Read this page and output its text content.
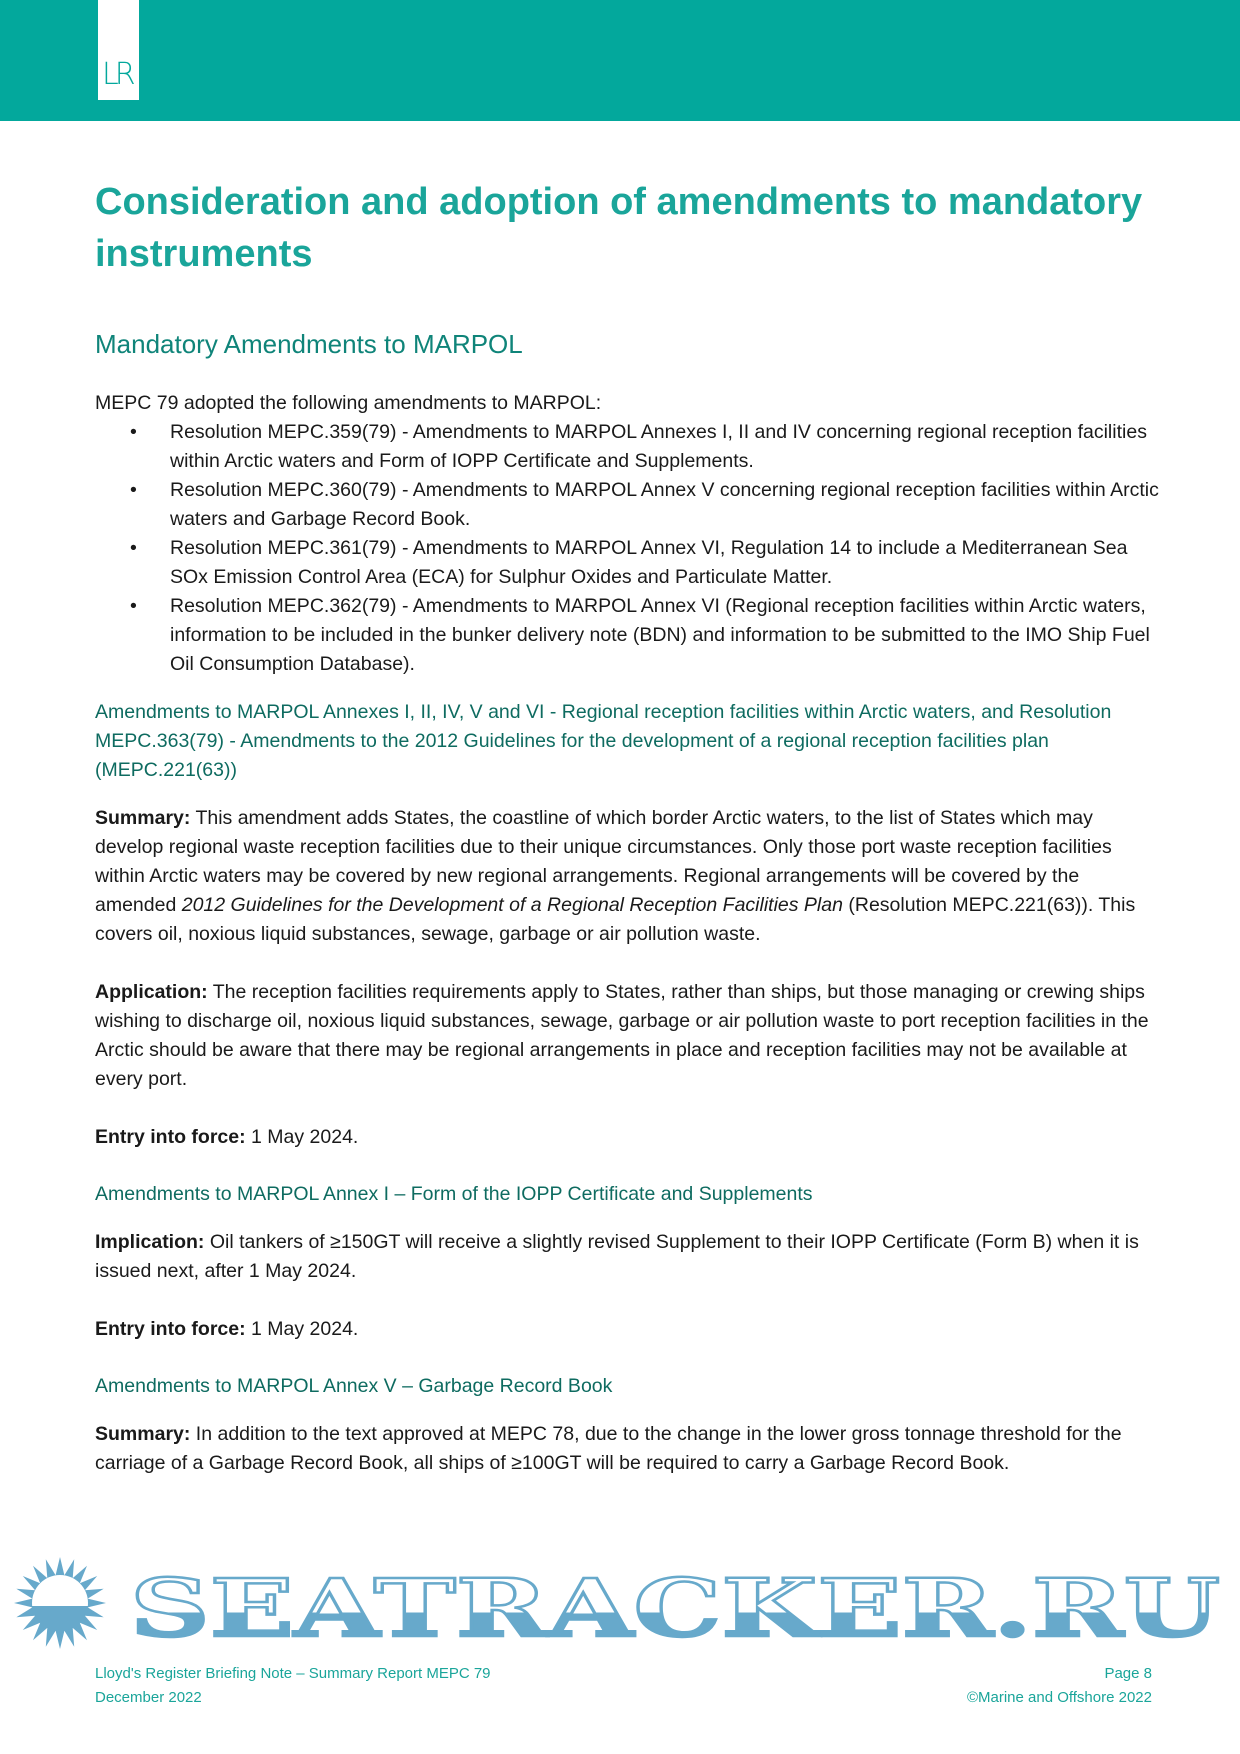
LR
Consideration and adoption of amendments to mandatory instruments
Mandatory Amendments to MARPOL
MEPC 79 adopted the following amendments to MARPOL:
• Resolution MEPC.359(79) - Amendments to MARPOL Annexes I, II and IV concerning regional reception facilities within Arctic waters and Form of IOPP Certificate and Supplements.
• Resolution MEPC.360(79) - Amendments to MARPOL Annex V concerning regional reception facilities within Arctic waters and Garbage Record Book.
• Resolution MEPC.361(79) - Amendments to MARPOL Annex VI, Regulation 14 to include a Mediterranean Sea SOx Emission Control Area (ECA) for Sulphur Oxides and Particulate Matter.
• Resolution MEPC.362(79) - Amendments to MARPOL Annex VI (Regional reception facilities within Arctic waters, information to be included in the bunker delivery note (BDN) and information to be submitted to the IMO Ship Fuel Oil Consumption Database).
Amendments to MARPOL Annexes I, II, IV, V and VI - Regional reception facilities within Arctic waters, and Resolution MEPC.363(79) - Amendments to the 2012 Guidelines for the development of a regional reception facilities plan (MEPC.221(63))
Summary: This amendment adds States, the coastline of which border Arctic waters, to the list of States which may develop regional waste reception facilities due to their unique circumstances. Only those port waste reception facilities within Arctic waters may be covered by new regional arrangements. Regional arrangements will be covered by the amended 2012 Guidelines for the Development of a Regional Reception Facilities Plan (Resolution MEPC.221(63)). This covers oil, noxious liquid substances, sewage, garbage or air pollution waste.
Application: The reception facilities requirements apply to States, rather than ships, but those managing or crewing ships wishing to discharge oil, noxious liquid substances, sewage, garbage or air pollution waste to port reception facilities in the Arctic should be aware that there may be regional arrangements in place and reception facilities may not be available at every port.
Entry into force: 1 May 2024.
Amendments to MARPOL Annex I – Form of the IOPP Certificate and Supplements
Implication: Oil tankers of ≥150GT will receive a slightly revised Supplement to their IOPP Certificate (Form B) when it is issued next, after 1 May 2024.
Entry into force: 1 May 2024.
Amendments to MARPOL Annex V – Garbage Record Book
Summary: In addition to the text approved at MEPC 78, due to the change in the lower gross tonnage threshold for the carriage of a Garbage Record Book, all ships of ≥100GT will be required to carry a Garbage Record Book.
SEATRACKER.RU
Lloyd's Register Briefing Note – Summary Report MEPC 79
December 2022
Page 8
©Marine and Offshore 2022
